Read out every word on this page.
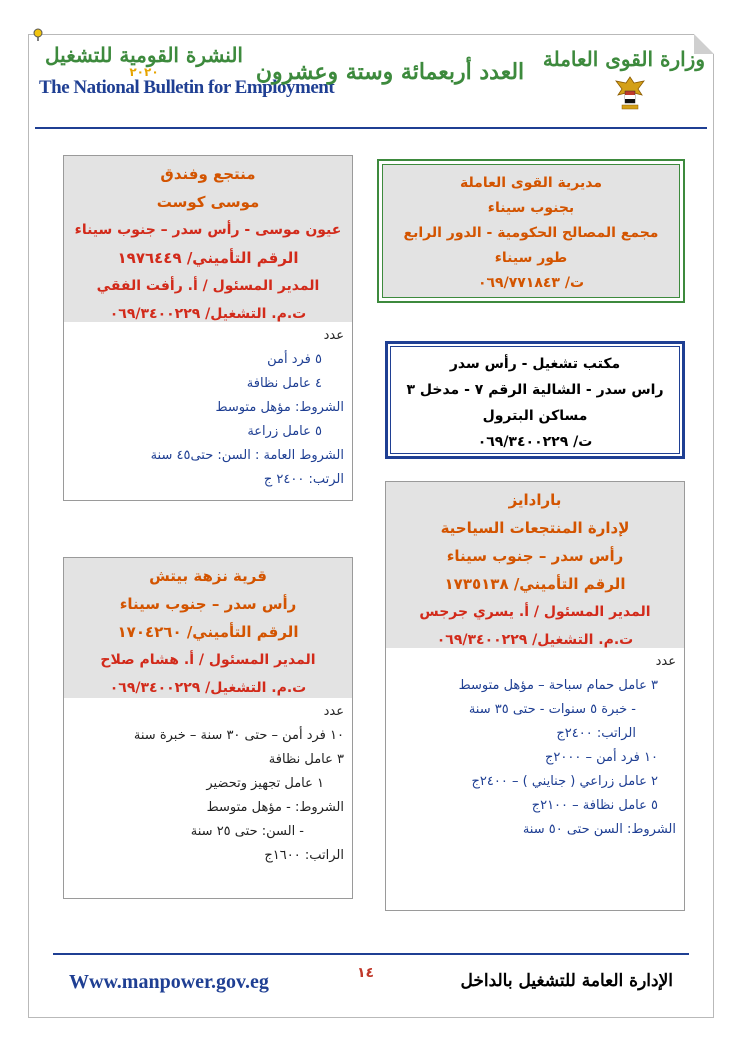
النشرة القومية للتشغيل
٢٠٢٠
The National Bulletin for Employment
العدد أربعمائة وستة وعشرون وزارة القوى العاملة
مديرية القوى العاملة
بجنوب سيناء
مجمع المصالح الحكومية - الدور الرابع
طور سيناء
ت/ ٠٦٩/٧٧١٨٤٣
مكتب تشغيل - رأس سدر
راس سدر - الشالية الرقم ٧ - مدخل ٣
مساكن البترول
ت/ ٠٦٩/٣٤٠٠٢٢٩
منتجع وفندق
موسى كوست
عيون موسى - رأس سدر – جنوب سيناء
الرقم التأميني/ ١٩٧٦٤٤٩
المدير المسئول / أ. رأفت الفقي
ت.م. التشغيل/ ٠٦٩/٣٤٠٠٢٢٩
عدد
٥ فرد أمن
٤ عامل نظافة
الشروط: مؤهل متوسط
٥ عامل زراعة
الشروط العامة : السن: حتى٤٥ سنة
الرتب: ٢٤٠٠ ج
بارادايز
لإدارة المنتجعات السياحية
رأس سدر – جنوب سيناء
الرقم التأميني/ ١٧٣٥١٣٨
المدير المسئول / أ. يسري جرجس
ت.م. التشغيل/ ٠٦٩/٣٤٠٠٢٢٩
عدد
٣ عامل حمام سباحة – مؤهل متوسط
- خبرة ٥ سنوات - حتى ٣٥ سنة
الراتب: ٢٤٠٠ج
١٠ فرد أمن – ٢٠٠٠ج
٢ عامل زراعي ( جنايني ) – ٢٤٠٠ج
٥ عامل نظافة – ٢١٠٠ج
الشروط: السن حتى ٥٠ سنة
قرية نزهة بيتش
رأس سدر – جنوب سيناء
الرقم التأميني/ ١٧٠٤٢٦٠
المدير المسئول / أ. هشام صلاح
ت.م. التشغيل/ ٠٦٩/٣٤٠٠٢٢٩
عدد
١٠ فرد أمن – حتى ٣٠ سنة – خبرة سنة
٣ عامل نظافة
١ عامل تجهيز وتحضير
الشروط: - مؤهل متوسط
- السن: حتى ٢٥ سنة
الراتب: ١٦٠٠ج
Www.manpower.gov.eg	١٤	الإدارة العامة للتشغيل بالداخل
